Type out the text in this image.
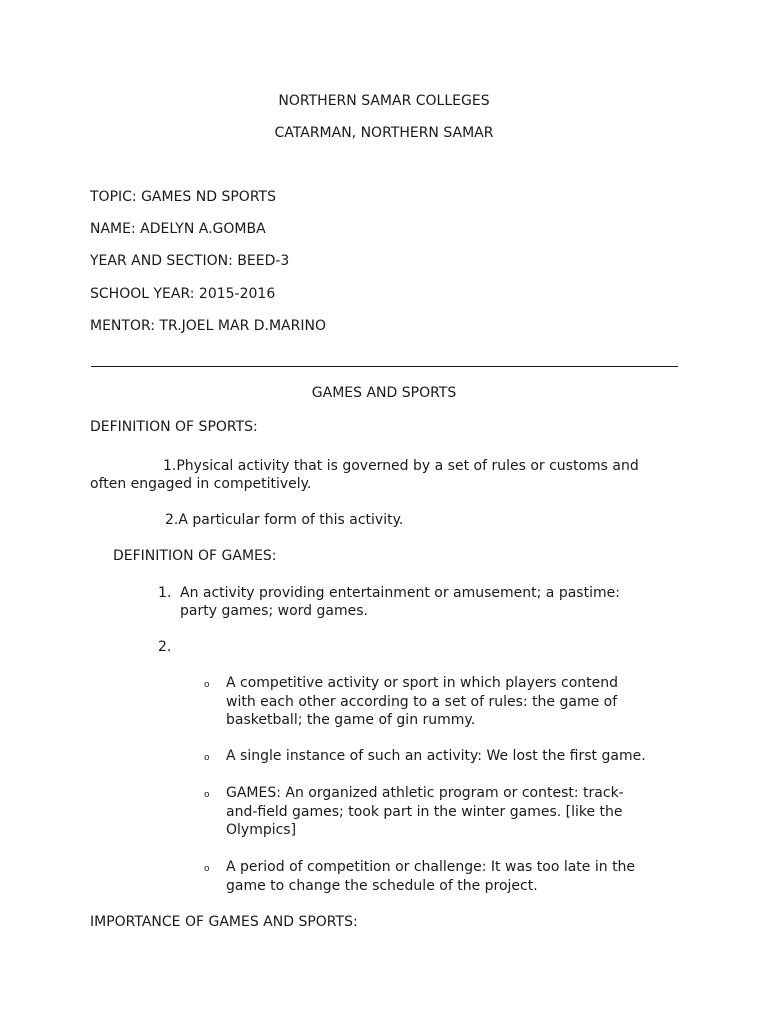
NORTHERN SAMAR COLLEGES

CATARMAN, NORTHERN SAMAR

TOPIC: GAMES ND SPORTS

NAME: ADELYN A.GOMBA

YEAR AND SECTION: BEED-3

SCHOOL YEAR: 2015-2016

MENTOR: TR.JOEL MAR D.MARINO

GAMES AND SPORTS

DEFINITION OF SPORTS:

1.Physical activity that is governed by a set of rules or customs and

often engaged in competitively.

2.A particular form of this activity.

DEFINITION OF GAMES:

1. An activity providing entertainment or amusement; a pastime:

party games; word games.

2.

o A competitive activity or sport in which players contend

with each other according to a set of rules: the game of

basketball; the game of gin rummy.

o A single instance of such an activity: We lost the first game.

o GAMES: An organized athletic program or contest: track-

and-field games; took part in the winter games. [like the

Olympics]

o A period of competition or challenge: It was too late in the

game to change the schedule of the project.

IMPORTANCE OF GAMES AND SPORTS:
